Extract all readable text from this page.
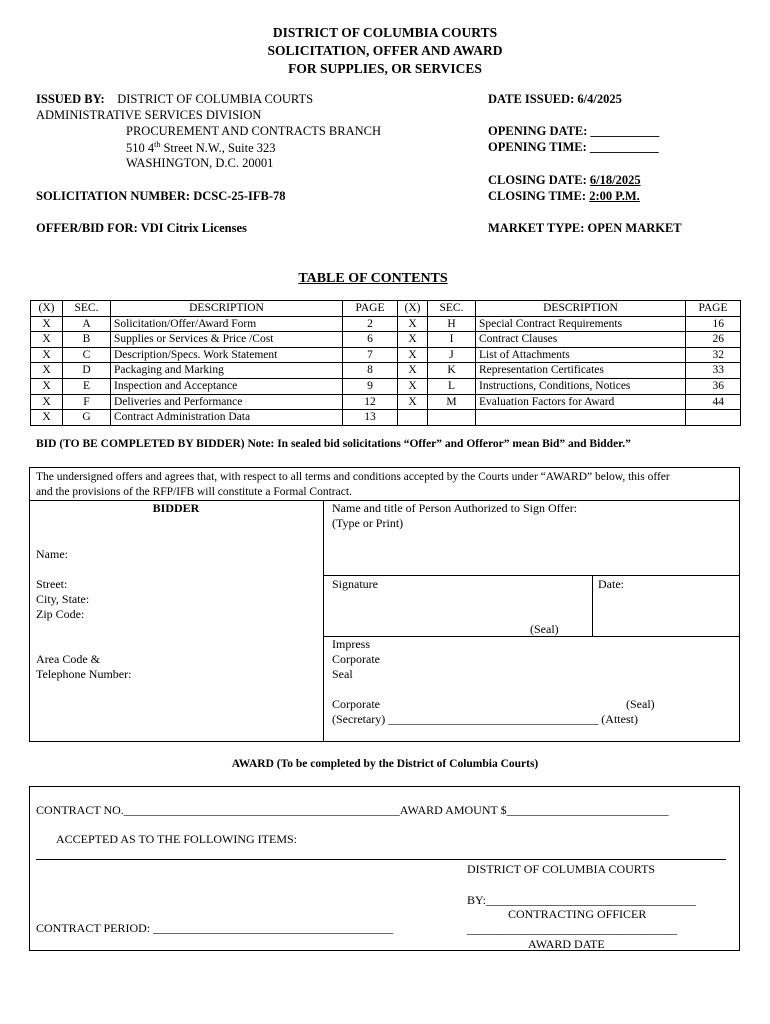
DISTRICT OF COLUMBIA COURTS
SOLICITATION, OFFER AND AWARD
FOR SUPPLIES, OR SERVICES
ISSUED BY: DISTRICT OF COLUMBIA COURTS
ADMINISTRATIVE SERVICES DIVISION
PROCUREMENT AND CONTRACTS BRANCH
510 4th Street N.W., Suite 323
WASHINGTON, D.C. 20001
DATE ISSUED: 6/4/2025
OPENING DATE: ___________
OPENING TIME: ___________
CLOSING DATE: 6/18/2025
CLOSING TIME: 2:00 P.M.
SOLICITATION NUMBER: DCSC-25-IFB-78
OFFER/BID FOR: VDI Citrix Licenses	MARKET TYPE: OPEN MARKET
TABLE OF CONTENTS
(X)	SEC.	DESCRIPTION	PAGE	(X)	SEC.	DESCRIPTION	PAGE
X	A	Solicitation/Offer/Award Form	2	X	H	Special Contract Requirements	16
X	B	Supplies or Services & Price /Cost	6	X	I	Contract Clauses	26
X	C	Description/Specs. Work Statement	7	X	J	List of Attachments	32
X	D	Packaging and Marking	8	X	K	Representation Certificates	33
X	E	Inspection and Acceptance	9	X	L	Instructions, Conditions, Notices	36
X	F	Deliveries and Performance	12	X	M	Evaluation Factors for Award	44
X	G	Contract Administration Data	13				
BID (TO BE COMPLETED BY BIDDER) Note: In sealed bid solicitations “Offer” and Offeror” mean Bid” and Bidder.”
The undersigned offers and agrees that, with respect to all terms and conditions accepted by the Courts under “AWARD” below, this offer
and the provisions of the RFP/IFB will constitute a Formal Contract.
BIDDER	Name and title of Person Authorized to Sign Offer:
(Type or Print)
Name:
Street:
City, State:
Zip Code:
Area Code &
Telephone Number:
Signature	Date:
(Seal)
Impress
Corporate
Seal
Corporate	(Seal)
(Secretary) ___________________________________ (Attest)
AWARD (To be completed by the District of Columbia Courts)
CONTRACT NO.______________________________________________AWARD AMOUNT $___________________________
ACCEPTED AS TO THE FOLLOWING ITEMS:
DISTRICT OF COLUMBIA COURTS
BY:___________________________________
CONTRACTING OFFICER
CONTRACT PERIOD: ________________________________________	___________________________________
AWARD DATE
